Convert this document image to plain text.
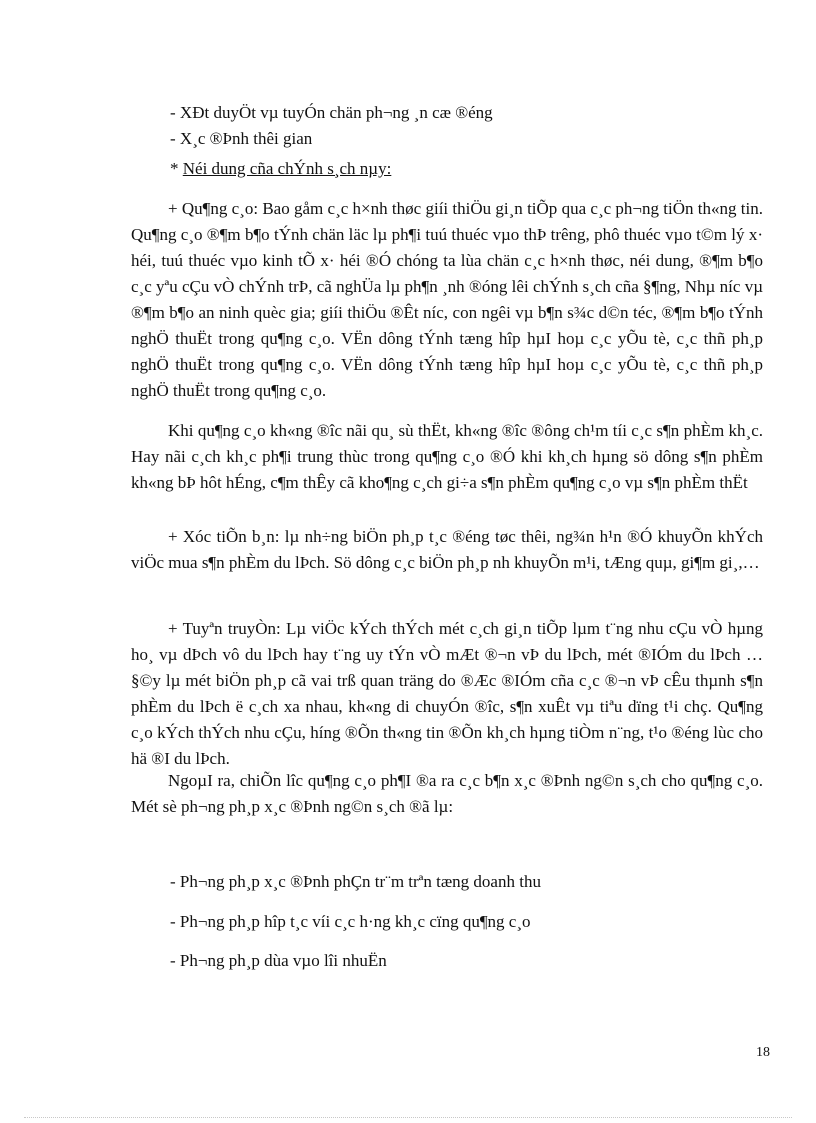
- XÐt duyÖt vµ tuyÓn chän ph¬ng ¸n cæ ®éng
- X¸c ®Þnh thêi gian
* Néi dung cña chÝnh s¸ch nµy:
+ Qu¶ng c¸o: Bao gåm c¸c h×nh thøc giíi thiÖu gi¸n tiÕp qua c¸c ph¬ng tiÖn th«ng tin. Qu¶ng c¸o ®¶m b¶o tÝnh chän läc lµ ph¶i tuú thuéc vµo thÞ trêng, phô thuéc vµo t©m lý x· héi, tuú thuéc vµo kinh tÕ x· héi ®Ó chóng ta lùa chän c¸c h×nh thøc, néi dung, ®¶m b¶o c¸c yªu cÇu vÒ chÝnh trÞ, cã nghÜa lµ ph¶n ¸nh ®óng lêi chÝnh s¸ch cña §¶ng, Nhµ níc vµ ®¶m b¶o an ninh quèc gia; giíi thiÖu ®Êt níc, con ngêi vµ b¶n s¾c d©n téc, ®¶m b¶o tÝnh nghÖ thuËt trong qu¶ng c¸o. VËn dông tÝnh tæng hîp hµI hoµ c¸c yÕu tè, c¸c thñ ph¸p nghÖ thuËt trong qu¶ng c¸o. VËn dông tÝnh tæng hîp hµI hoµ c¸c yÕu tè, c¸c thñ ph¸p nghÖ thuËt trong qu¶ng c¸o.
Khi qu¶ng c¸o kh«ng ®îc nãi qu¸ sù thËt, kh«ng ®îc ®ông ch¹m tíi c¸c s¶n phÈm kh¸c. Hay nãi c¸ch kh¸c ph¶i trung thùc trong qu¶ng c¸o ®Ó khi kh¸ch hµng sö dông s¶n phÈm kh«ng bÞ hôt hÉng, c¶m thÊy cã kho¶ng c¸ch gi÷a s¶n phÈm qu¶ng c¸o vµ s¶n phÈm thËt
+ Xóc tiÕn b¸n: lµ nh÷ng biÖn ph¸p t¸c ®éng tøc thêi, ng¾n h¹n ®Ó khuyÕn khÝch viÖc mua s¶n phÈm du lÞch. Sö dông c¸c biÖn ph¸p nh khuyÕn m¹i, tÆng quµ, gi¶m gi¸,…
+ Tuyªn truyÒn: Lµ viÖc kÝch thÝch mét c¸ch gi¸n tiÕp lµm t¨ng nhu cÇu vÒ hµng ho¸ vµ dÞch vô du lÞch hay t¨ng uy tÝn vÒ mÆt ®¬n vÞ du lÞch, mét ®IÓm du lÞch … §©y lµ mét biÖn ph¸p cã vai trß quan träng do ®Æc ®IÓm cña c¸c ®¬n vÞ cÊu thµnh s¶n phÈm du lÞch ë c¸ch xa nhau, kh«ng di chuyÓn ®îc, s¶n xuÊt vµ tiªu dïng t¹i chç. Qu¶ng c¸o kÝch thÝch nhu cÇu, híng ®Õn th«ng tin ®Õn kh¸ch hµng tiÒm n¨ng, t¹o ®éng lùc cho hä ®I du lÞch.
NgoµI ra, chiÕn lîc qu¶ng c¸o ph¶I ®a ra c¸c b¶n x¸c ®Þnh ng©n s¸ch cho qu¶ng c¸o. Mét sè ph¬ng ph¸p x¸c ®Þnh ng©n s¸ch ®ã lµ:
- Ph¬ng ph¸p x¸c ®Þnh phÇn tr¨m trªn tæng doanh thu
- Ph¬ng ph¸p hîp t¸c víi c¸c h·ng kh¸c cïng qu¶ng c¸o
- Ph¬ng ph¸p dùa vµo lîi nhuËn
18
